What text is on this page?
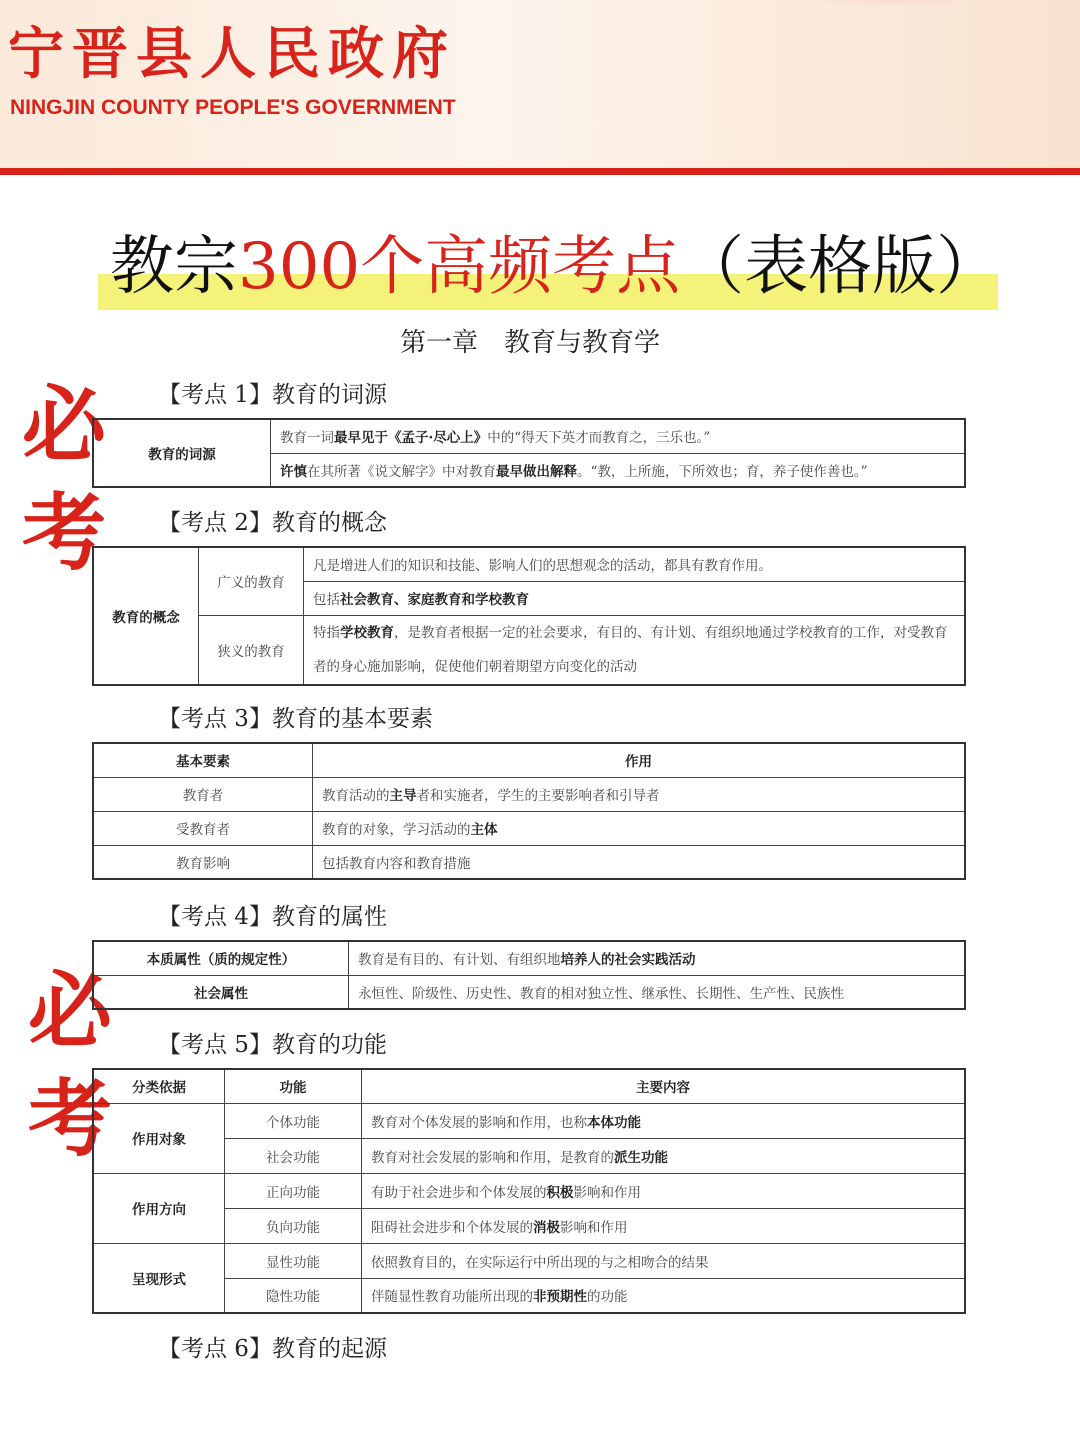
宁晋县人民政府
NINGJIN COUNTY PEOPLE'S GOVERNMENT
教宗300个高频考点（表格版）
第一章　教育与教育学
必
考
必
考
【考点 1】教育的词源
教育的词源	教育一词最早见于《孟子·尽心上》中的“得天下英才而教育之，三乐也。”
许慎在其所著《说文解字》中对教育最早做出解释。“教，上所施，下所效也；育，养子使作善也。”
【考点 2】教育的概念
教育的概念	广义的教育	凡是增进人们的知识和技能、影响人们的思想观念的活动，都具有教育作用。
		包括社会教育、家庭教育和学校教育
	狭义的教育	特指学校教育，是教育者根据一定的社会要求，有目的、有计划、有组织地通过学校教育的工作，对受教育者的身心施加影响，促使他们朝着期望方向变化的活动
【考点 3】教育的基本要素
基本要素	作用
教育者	教育活动的主导者和实施者，学生的主要影响者和引导者
受教育者	教育的对象，学习活动的主体
教育影响	包括教育内容和教育措施
【考点 4】教育的属性
本质属性（质的规定性）	教育是有目的、有计划、有组织地培养人的社会实践活动
社会属性	永恒性、阶级性、历史性、教育的相对独立性、继承性、长期性、生产性、民族性
【考点 5】教育的功能
分类依据	功能	主要内容
作用对象	个体功能	教育对个体发展的影响和作用，也称本体功能
	社会功能	教育对社会发展的影响和作用，是教育的派生功能
作用方向	正向功能	有助于社会进步和个体发展的积极影响和作用
	负向功能	阻碍社会进步和个体发展的消极影响和作用
呈现形式	显性功能	依照教育目的，在实际运行中所出现的与之相吻合的结果
	隐性功能	伴随显性教育功能所出现的非预期性的功能
【考点 6】教育的起源
